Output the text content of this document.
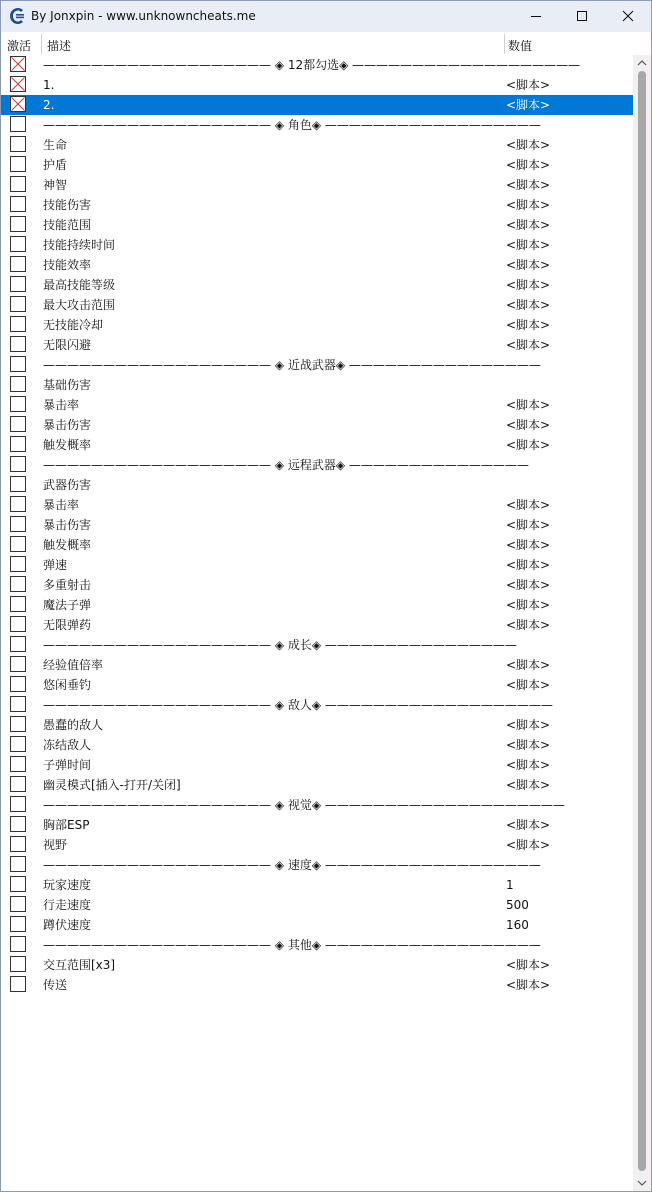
By Jonxpin - www.unknowncheats.me
激活 描述	数值
——————————————————— ◈ 12都勾选◈ ———————————————————
1.	<脚本>
2.	<脚本>
——————————————————— ◈ 角色◈ ——————————————————
生命	<脚本>
护盾	<脚本>
神智	<脚本>
技能伤害	<脚本>
技能范围	<脚本>
技能持续时间	<脚本>
技能效率	<脚本>
最高技能等级	<脚本>
最大攻击范围	<脚本>
无技能冷却	<脚本>
无限闪避	<脚本>
——————————————————— ◈ 近战武器◈ ————————————————
基础伤害
暴击率	<脚本>
暴击伤害	<脚本>
触发概率	<脚本>
——————————————————— ◈ 远程武器◈ ———————————————
武器伤害
暴击率	<脚本>
暴击伤害	<脚本>
触发概率	<脚本>
弹速	<脚本>
多重射击	<脚本>
魔法子弹	<脚本>
无限弹药	<脚本>
——————————————————— ◈ 成长◈ ————————————————
经验值倍率	<脚本>
悠闲垂钓	<脚本>
——————————————————— ◈ 敌人◈ ———————————————————
愚蠢的敌人	<脚本>
冻结敌人	<脚本>
子弹时间	<脚本>
幽灵模式[插入-打开/关闭]	<脚本>
——————————————————— ◈ 视觉◈ ————————————————————
胸部ESP	<脚本>
视野	<脚本>
——————————————————— ◈ 速度◈ ——————————————————
玩家速度	1
行走速度	500
蹲伏速度	160
——————————————————— ◈ 其他◈ ——————————————————
交互范围[x3]	<脚本>
传送	<脚本>
